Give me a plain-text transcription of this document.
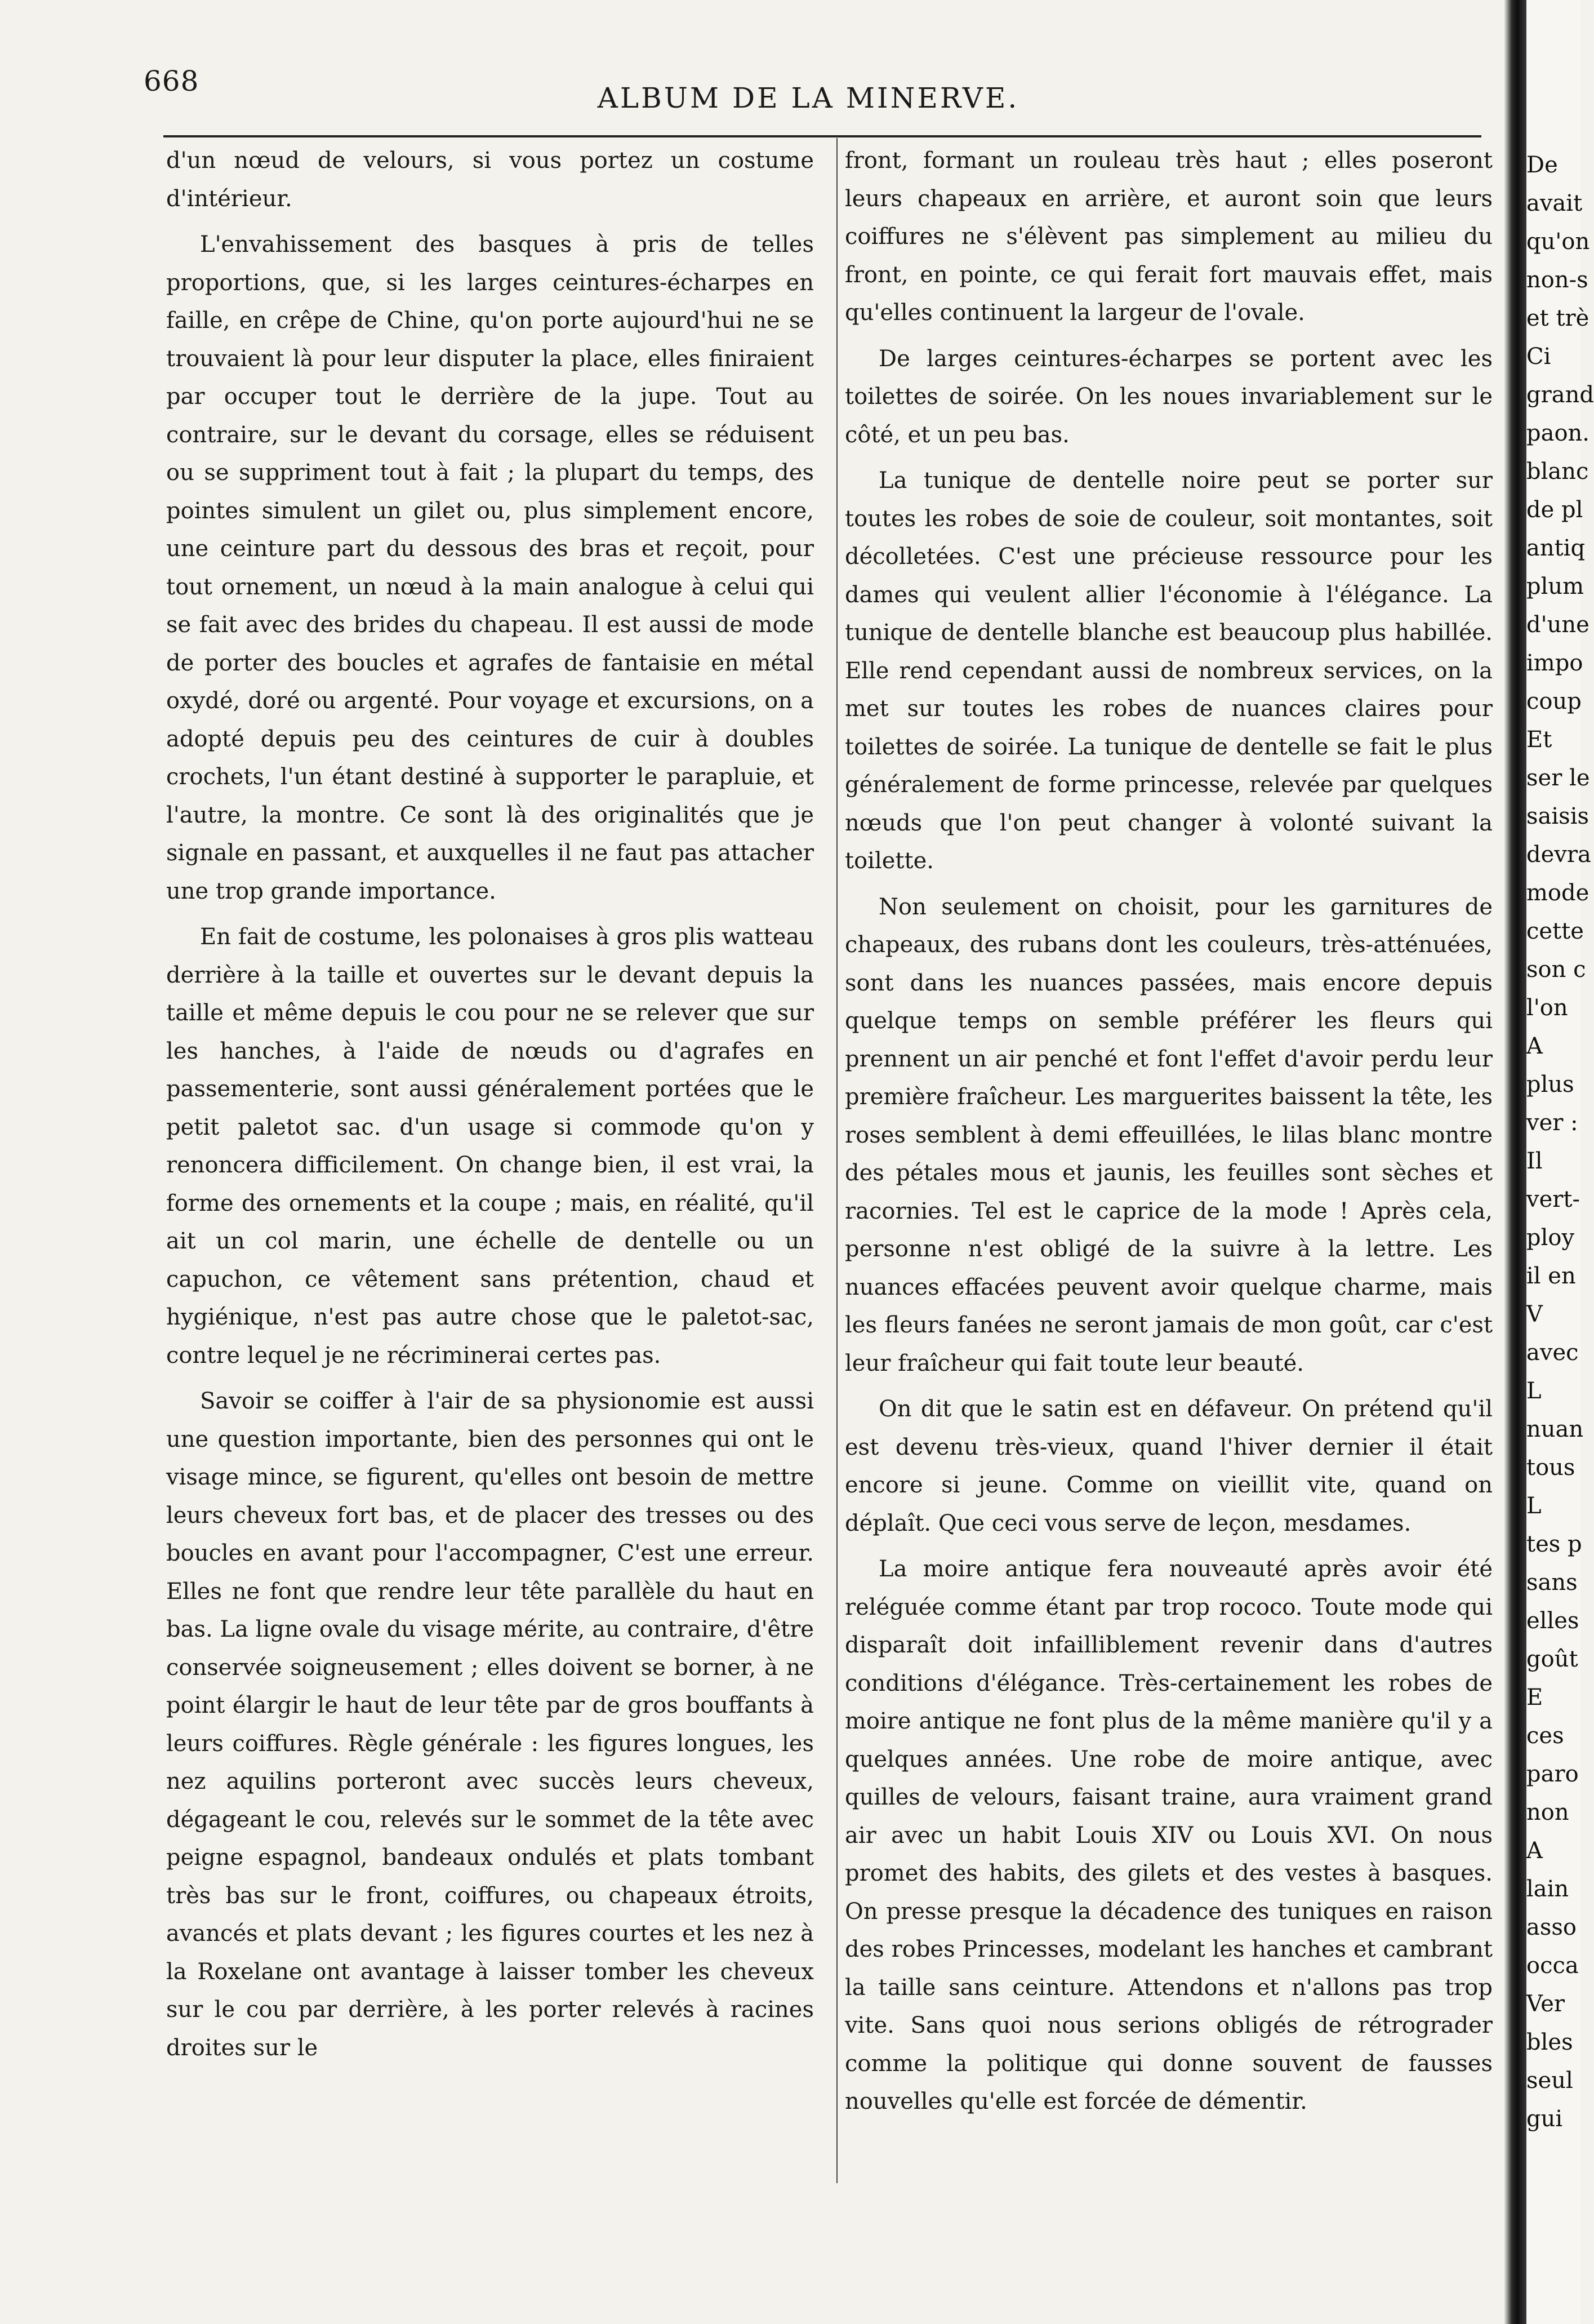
De
avait
qu'on
non-s
et trè
Ci
grand
paon.
blanc
de pl
antiq
plum
d'une
impo
coup
Et
ser le
saisis
devra
mode
cette
son c
l'on
A
plus
ver :
Il
vert-
ploy
il en
V
avec
L
nuan
tous
L
tes p
sans
elles
goût
E
ces
paro
non
A
lain
asso
occa
Ver
bles
seul
gui
668
ALBUM DE LA MINERVE.

d'un nœud de velours, si vous portez un costume d'intérieur.

L'envahissement des basques à pris de telles proportions, que, si les larges ceintures-écharpes en faille, en crêpe de Chine, qu'on porte aujourd'hui ne se trouvaient là pour leur disputer la place, elles finiraient par occuper tout le derrière de la jupe. Tout au contraire, sur le devant du corsage, elles se réduisent ou se suppriment tout à fait ; la plupart du temps, des pointes simulent un gilet ou, plus simplement encore, une ceinture part du dessous des bras et reçoit, pour tout ornement, un nœud à la main analogue à celui qui se fait avec des brides du chapeau. Il est aussi de mode de porter des boucles et agrafes de fantaisie en métal oxydé, doré ou argenté. Pour voyage et excursions, on a adopté depuis peu des ceintures de cuir à doubles crochets, l'un étant destiné à supporter le parapluie, et l'autre, la montre. Ce sont là des originalités que je signale en passant, et auxquelles il ne faut pas attacher une trop grande importance.

En fait de costume, les polonaises à gros plis watteau derrière à la taille et ouvertes sur le devant depuis la taille et même depuis le cou pour ne se relever que sur les hanches, à l'aide de nœuds ou d'agrafes en passementerie, sont aussi généralement portées que le petit paletot sac. d'un usage si commode qu'on y renoncera difficilement. On change bien, il est vrai, la forme des ornements et la coupe ; mais, en réalité, qu'il ait un col marin, une échelle de dentelle ou un capuchon, ce vêtement sans prétention, chaud et hygiénique, n'est pas autre chose que le paletot-sac, contre lequel je ne récriminerai certes pas.

Savoir se coiffer à l'air de sa physionomie est aussi une question importante, bien des personnes qui ont le visage mince, se figurent, qu'elles ont besoin de mettre leurs cheveux fort bas, et de placer des tresses ou des boucles en avant pour l'accompagner, C'est une erreur. Elles ne font que rendre leur tête parallèle du haut en bas. La ligne ovale du visage mérite, au contraire, d'être conservée soigneusement ; elles doivent se borner, à ne point élargir le haut de leur tête par de gros bouffants à leurs coiffures. Règle générale : les figures longues, les nez aquilins porteront avec succès leurs cheveux, dégageant le cou, relevés sur le sommet de la tête avec peigne espagnol, bandeaux ondulés et plats tombant très bas sur le front, coiffures, ou chapeaux étroits, avancés et plats devant ; les figures courtes et les nez à la Roxelane ont avantage à laisser tomber les cheveux sur le cou par derrière, à les porter relevés à racines droites sur le

front, formant un rouleau très haut ; elles poseront leurs chapeaux en arrière, et auront soin que leurs coiffures ne s'élèvent pas simplement au milieu du front, en pointe, ce qui ferait fort mauvais effet, mais qu'elles continuent la largeur de l'ovale.

De larges ceintures-écharpes se portent avec les toilettes de soirée. On les noues invariablement sur le côté, et un peu bas.

La tunique de dentelle noire peut se porter sur toutes les robes de soie de couleur, soit montantes, soit décolletées. C'est une précieuse ressource pour les dames qui veulent allier l'économie à l'élégance. La tunique de dentelle blanche est beaucoup plus habillée. Elle rend cependant aussi de nombreux services, on la met sur toutes les robes de nuances claires pour toilettes de soirée. La tunique de dentelle se fait le plus généralement de forme princesse, relevée par quelques nœuds que l'on peut changer à volonté suivant la toilette.

Non seulement on choisit, pour les garnitures de chapeaux, des rubans dont les couleurs, très-atténuées, sont dans les nuances passées, mais encore depuis quelque temps on semble préférer les fleurs qui prennent un air penché et font l'effet d'avoir perdu leur première fraîcheur. Les marguerites baissent la tête, les roses semblent à demi effeuillées, le lilas blanc montre des pétales mous et jaunis, les feuilles sont sèches et racornies. Tel est le caprice de la mode ! Après cela, personne n'est obligé de la suivre à la lettre. Les nuances effacées peuvent avoir quelque charme, mais les fleurs fanées ne seront jamais de mon goût, car c'est leur fraîcheur qui fait toute leur beauté.

On dit que le satin est en défaveur. On prétend qu'il est devenu très-vieux, quand l'hiver dernier il était encore si jeune. Comme on vieillit vite, quand on déplaît. Que ceci vous serve de leçon, mesdames.

La moire antique fera nouveauté après avoir été reléguée comme étant par trop rococo. Toute mode qui disparaît doit infailliblement revenir dans d'autres conditions d'élégance. Très-certainement les robes de moire antique ne font plus de la même manière qu'il y a quelques années. Une robe de moire antique, avec quilles de velours, faisant traine, aura vraiment grand air avec un habit Louis XIV ou Louis XVI. On nous promet des habits, des gilets et des vestes à basques. On presse presque la décadence des tuniques en raison des robes Princesses, modelant les hanches et cambrant la taille sans ceinture. Attendons et n'allons pas trop vite. Sans quoi nous serions obligés de rétrograder comme la politique qui donne souvent de fausses nouvelles qu'elle est forcée de démentir.
